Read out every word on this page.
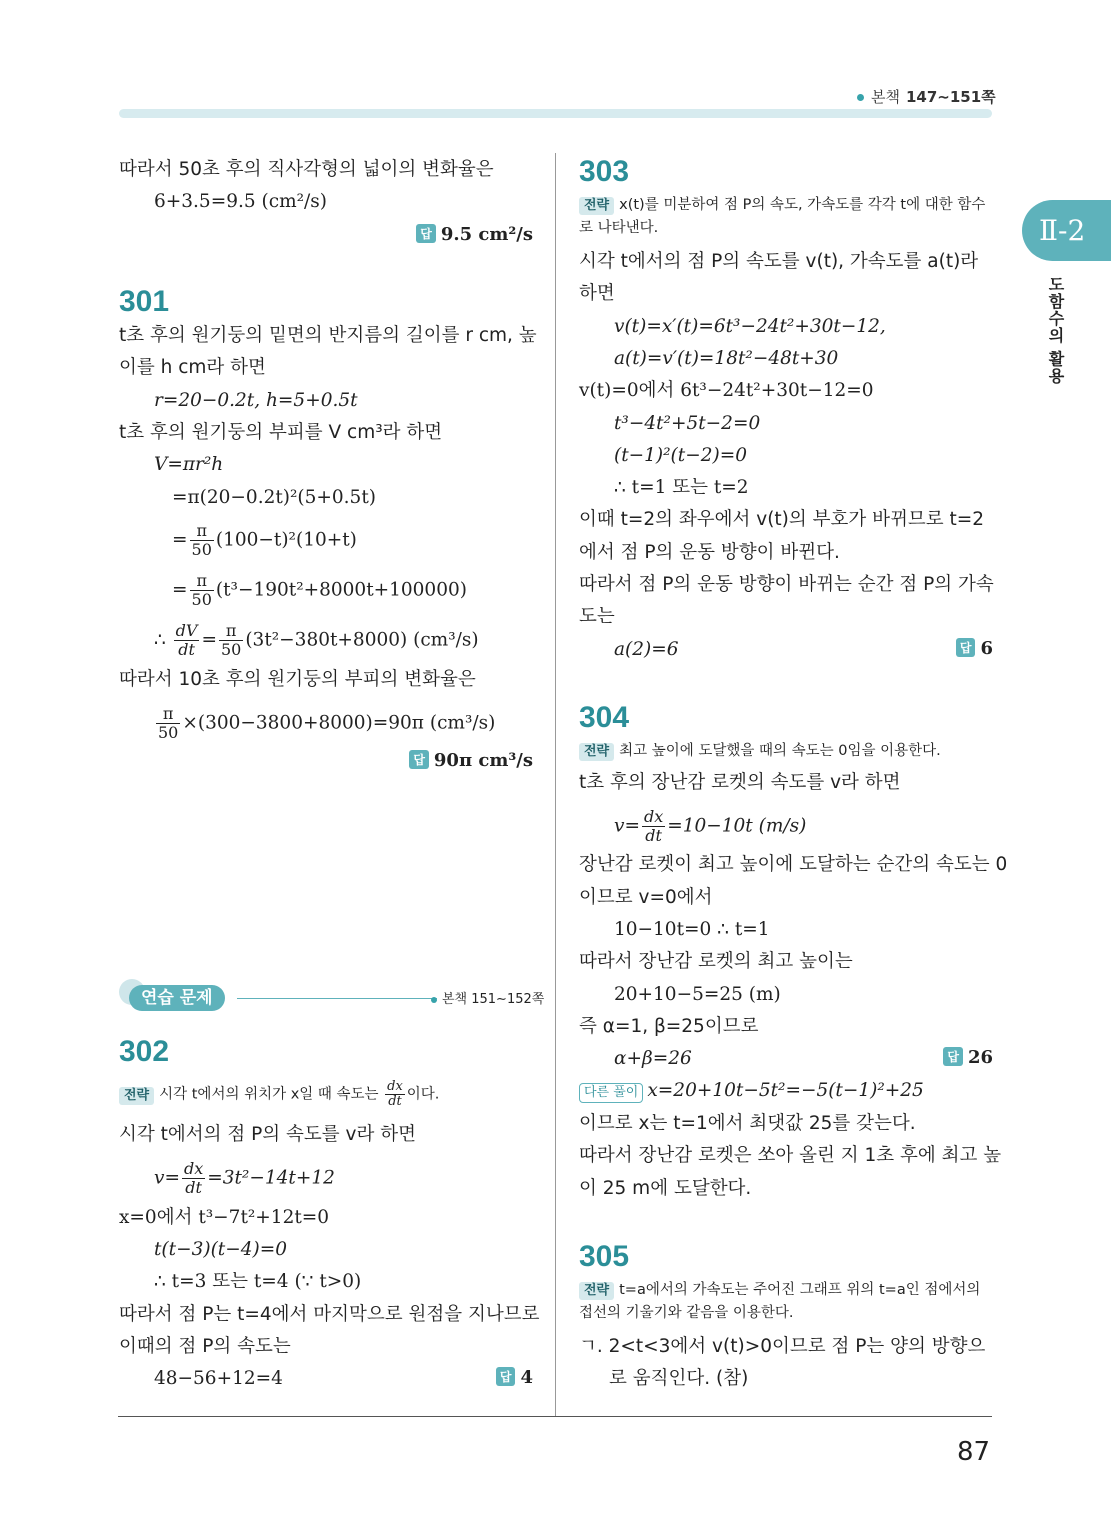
본책 147∼151쪽
Ⅱ-2
도함수의 활용
87
따라서 50초 후의 직사각형의 넓이의 변화율은
6+3.5=9.5 (cm²/s)
답 9.5 cm²/s
301
t초 후의 원기둥의 밑면의 반지름의 길이를 r cm, 높
이를 h cm라 하면
r=20−0.2t, h=5+0.5t
t초 후의 원기둥의 부피를 V cm³라 하면
V=πr²h
=π(20−0.2t)²(5+0.5t)
= $\frac{\pi}{50} (100-t)^2(10+t)$
= $\frac{\pi}{50} (t^3-190t^2+8000t+100000)$
∴ $\frac{dV}{dt} = \frac{\pi}{50} (3t^2-380t+8000)$ (cm³/s)
따라서 10초 후의 원기둥의 부피의 변화율은
$\frac{\pi}{50} \times(300-3800+8000)=90\pi$ (cm³/s)
답 90π cm³/s
302
전략 시각 t에서의 위치가 x일 때 속도는 $\frac{dx}{dt}$ 이다.
시각 t에서의 점 P의 속도를 v라 하면
$v= \frac{dx}{dt} =3t^2-14t+12$
x=0에서 t³−7t²+12t=0
t(t−3)(t−4)=0
∴ t=3 또는 t=4 (∵ t>0)
따라서 점 P는 t=4에서 마지막으로 원점을 지나므로
이때의 점 P의 속도는
48−56+12=4	답 4
연습 문제	본책 151∼152쪽
303
전략 x(t)를 미분하여 점 P의 속도, 가속도를 각각 t에 대한 함수
로 나타낸다.
시각 t에서의 점 P의 속도를 v(t), 가속도를 a(t)라
하면
v(t)=x′(t)=6t³−24t²+30t−12,
a(t)=v′(t)=18t²−48t+30
v(t)=0에서 6t³−24t²+30t−12=0
t³−4t²+5t−2=0
(t−1)²(t−2)=0
∴ t=1 또는 t=2
이때 t=2의 좌우에서 v(t)의 부호가 바뀌므로 t=2
에서 점 P의 운동 방향이 바뀐다.
따라서 점 P의 운동 방향이 바뀌는 순간 점 P의 가속
도는
a(2)=6	답 6
304
전략 최고 높이에 도달했을 때의 속도는 0임을 이용한다.
t초 후의 장난감 로켓의 속도를 v라 하면
$v= \frac{dx}{dt} =10-10t$ (m/s)
장난감 로켓이 최고 높이에 도달하는 순간의 속도는 0
이므로 v=0에서
10−10t=0 ∴ t=1
따라서 장난감 로켓의 최고 높이는
20+10−5=25 (m)
즉 α=1, β=25이므로
α+β=26	답 26
다른 풀이 x=20+10t−5t²=−5(t−1)²+25
이므로 x는 t=1에서 최댓값 25를 갖는다.
따라서 장난감 로켓은 쏘아 올린 지 1초 후에 최고 높
이 25 m에 도달한다.
305
전략 t=a에서의 가속도는 주어진 그래프 위의 t=a인 점에서의
접선의 기울기와 같음을 이용한다.
ㄱ. 2<t<3에서 v(t)>0이므로 점 P는 양의 방향으
로 움직인다. (참)
